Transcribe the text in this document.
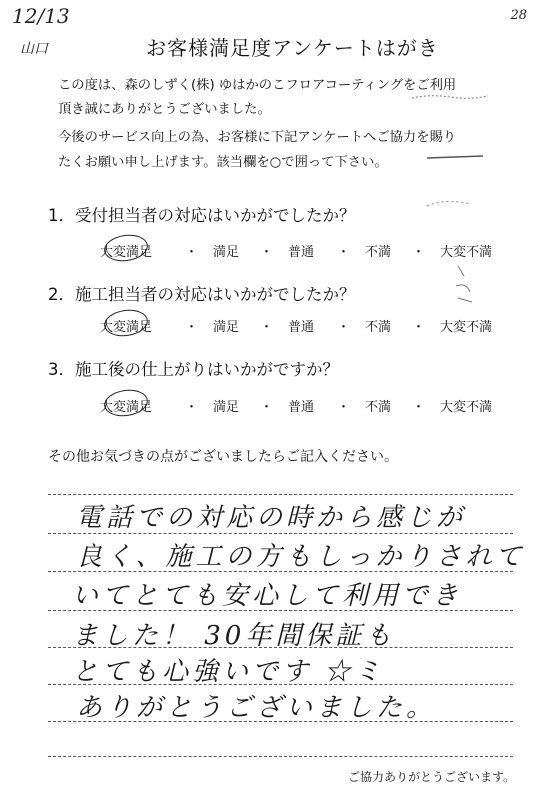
12/13
山口
28
お客様満足度アンケートはがき
この度は、森のしずく(株) ゆはかのこフロアコーティングをご利用
頂き誠にありがとうございました。
今後のサービス向上の為、お客様に下記アンケートへご協力を賜り
たくお願い申し上げます。該当欄を○で囲って下さい。
1．受付担当者の対応はいかがでしたか？
大変満足	・ 満足 ・ 普通 ・ 不満 ・ 大変不満
2．施工担当者の対応はいかがでしたか？
大変満足	・ 満足 ・ 普通 ・ 不満 ・ 大変不満
3．施工後の仕上がりはいかがですか？
大変満足	・ 満足 ・ 普通 ・ 不満 ・ 大変不満
その他お気づきの点がございましたらご記入ください。
電話での対応の時から感じが
良く、施工の方もしっかりされて
いてとても安心して利用でき
ました！ 30年間保証も
とても心強いです ☆ミ
ありがとうございました。
ご協力ありがとうございます。
